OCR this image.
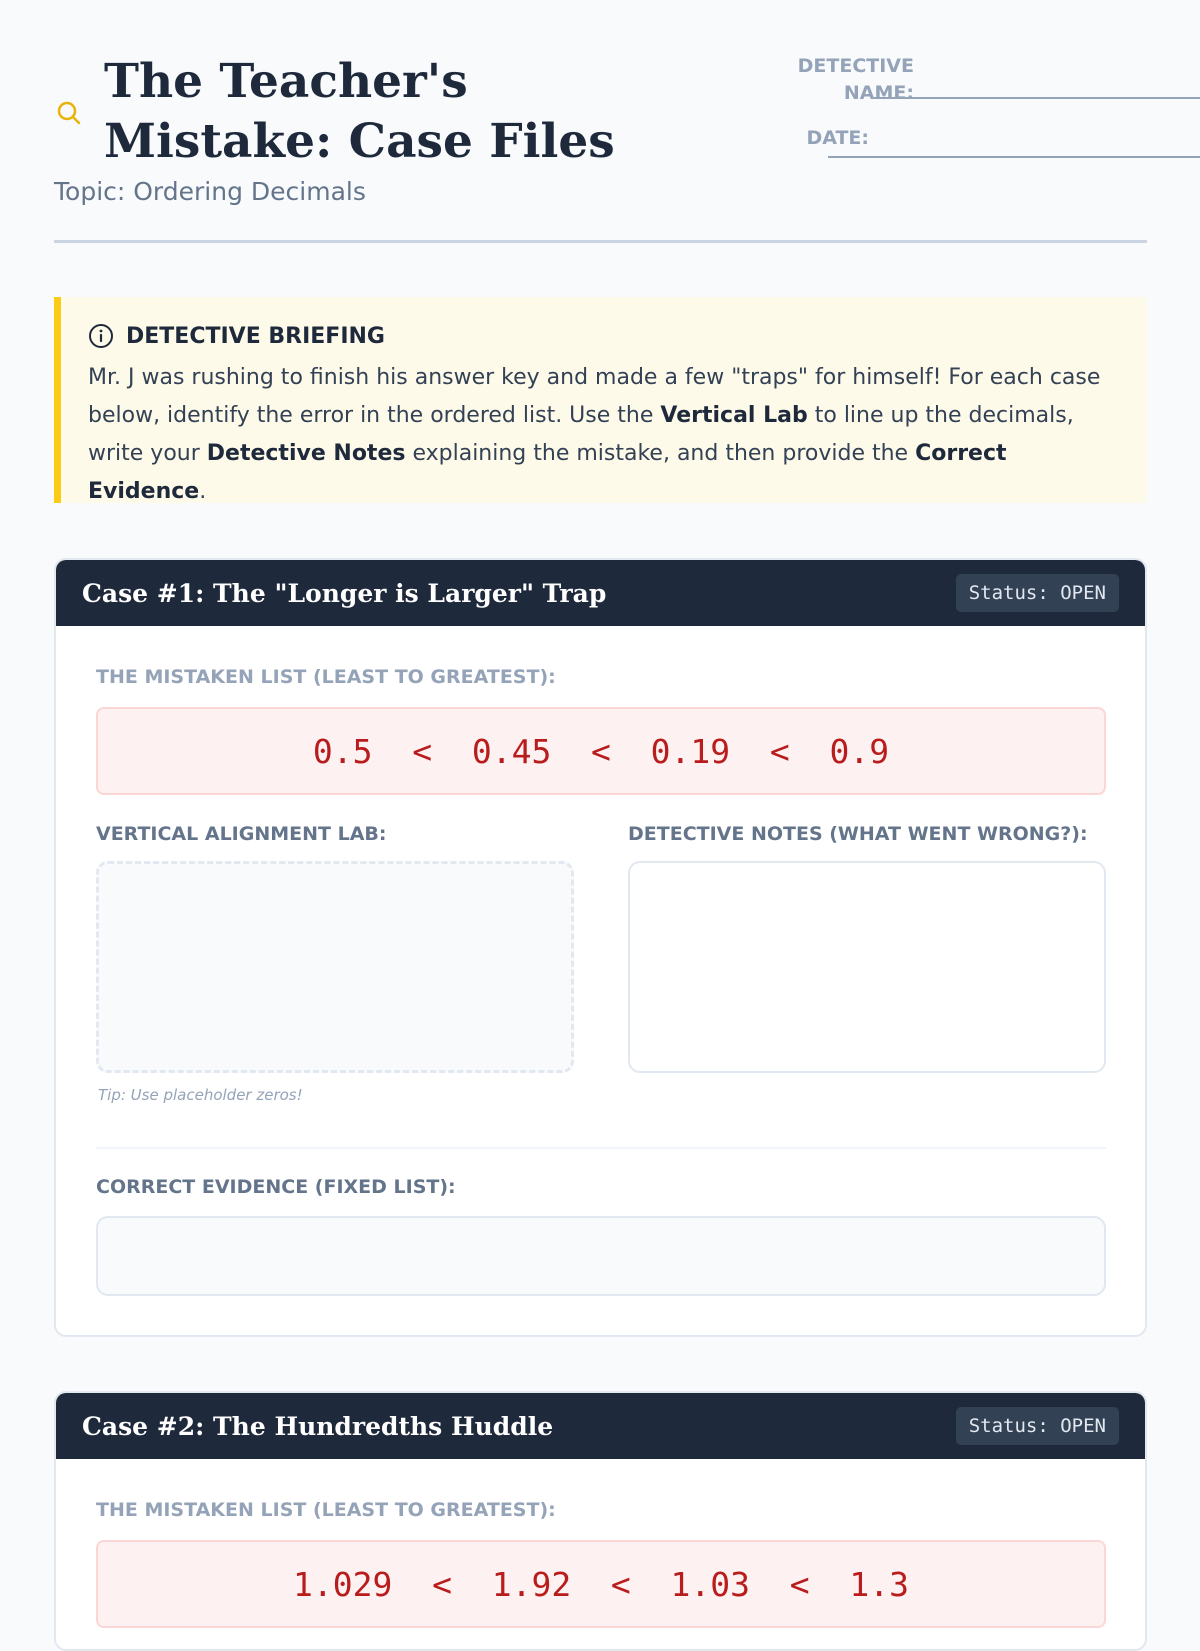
The Teacher's Mistake: Case Files
Topic: Ordering Decimals
DETECTIVE NAME:
DATE:
DETECTIVE BRIEFING
Mr. J was rushing to finish his answer key and made a few "traps" for himself! For each case below, identify the error in the ordered list. Use the Vertical Lab to line up the decimals, write your Detective Notes explaining the mistake, and then provide the Correct Evidence.
Case #1: The "Longer is Larger" Trap	Status: OPEN
THE MISTAKEN LIST (LEAST TO GREATEST):
0.5  <  0.45  <  0.19  <  0.9
VERTICAL ALIGNMENT LAB:	DETECTIVE NOTES (WHAT WENT WRONG?):
Tip: Use placeholder zeros!
CORRECT EVIDENCE (FIXED LIST):
Case #2: The Hundredths Huddle	Status: OPEN
THE MISTAKEN LIST (LEAST TO GREATEST):
1.029  <  1.92  <  1.03  <  1.3
